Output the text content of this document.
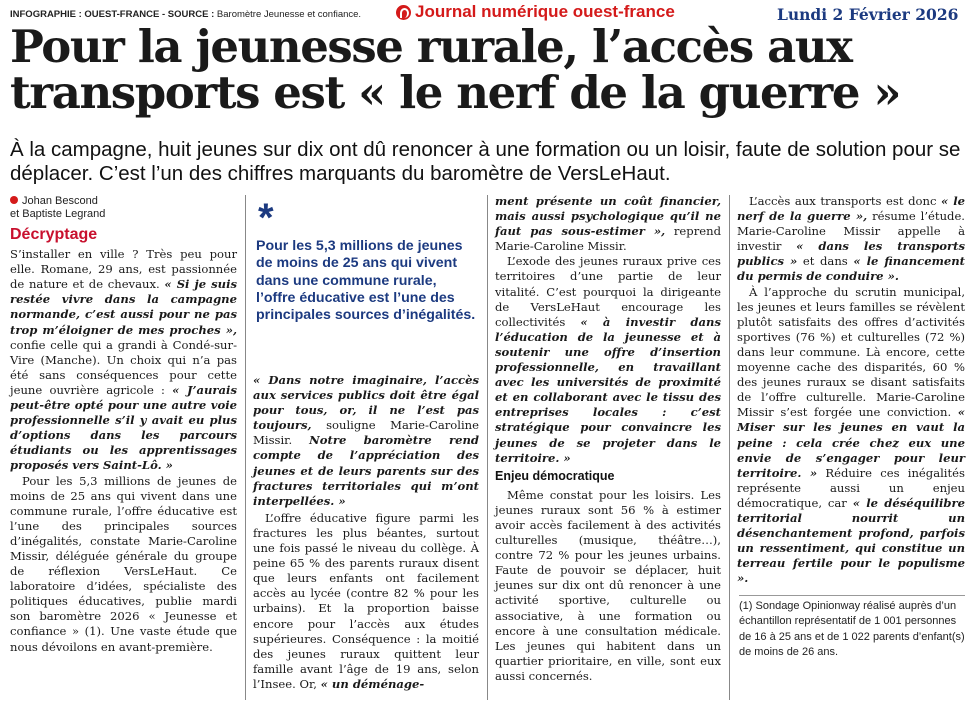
INFOGRAPHIE : OUEST-FRANCE - SOURCE : Baromètre Jeunesse et confiance.	Journal numérique ouest-france	Lundi 2 Février 2026
Pour la jeunesse rurale, l’accès aux
transports est « le nerf de la guerre »
À la campagne, huit jeunes sur dix ont dû renoncer à une formation ou un loisir, faute de solution pour se déplacer. C’est l’un des chiffres marquants du baromètre de VersLeHaut.
Johan Bescond
et Baptiste Legrand
Décryptage

S’installer en ville ? Très peu pour elle. Romane, 29 ans, est passionnée de nature et de chevaux. « Si je suis restée vivre dans la campagne normande, c’est aussi pour ne pas trop m’éloigner de mes proches », confie celle qui a grandi à Condé-sur-Vire (Manche). Un choix qui n’a pas été sans conséquences pour cette jeune ouvrière agricole : « J’aurais peut-être opté pour une autre voie professionnelle s’il y avait eu plus d’options dans les parcours étudiants ou les apprentissages proposés vers Saint-Lô. »

Pour les 5,3 millions de jeunes de moins de 25 ans qui vivent dans une commune rurale, l’offre éducative est l’une des principales sources d’inégalités, constate Marie-Caroline Missir, déléguée générale du groupe de réflexion VersLeHaut. Ce laboratoire d’idées, spécialiste des politiques éducatives, publie mardi son baromètre 2026 « Jeunesse et confiance » (1). Une vaste étude que nous dévoilons en avant-première.

*
Pour les 5,3 millions de jeunes de moins de 25 ans qui vivent dans une commune rurale, l’offre éducative est l’une des principales sources d’inégalités.

« Dans notre imaginaire, l’accès aux services publics doit être égal pour tous, or, il ne l’est pas toujours, souligne Marie-Caroline Missir. Notre baromètre rend compte de l’appréciation des jeunes et de leurs parents sur des fractures territoriales qui m’ont interpellées. »

L’offre éducative figure parmi les fractures les plus béantes, surtout une fois passé le niveau du collège. À peine 65 % des parents ruraux disent que leurs enfants ont facilement accès au lycée (contre 82 % pour les urbains). Et la proportion baisse encore pour l’accès aux études supérieures. Conséquence : la moitié des jeunes ruraux quittent leur famille avant l’âge de 19 ans, selon l’Insee. Or, « un déménage-

ment présente un coût financier, mais aussi psychologique qu’il ne faut pas sous-estimer », reprend Marie-Caroline Missir.

L’exode des jeunes ruraux prive ces territoires d’une partie de leur vitalité. C’est pourquoi la dirigeante de VersLeHaut encourage les collectivités « à investir dans l’éducation de la jeunesse et à soutenir une offre d’insertion professionnelle, en travaillant avec les universités de proximité et en collaborant avec le tissu des entreprises locales : c’est stratégique pour convaincre les jeunes de se projeter dans le territoire. »

Enjeu démocratique

Même constat pour les loisirs. Les jeunes ruraux sont 56 % à estimer avoir accès facilement à des activités culturelles (musique, théâtre…), contre 72 % pour les jeunes urbains. Faute de pouvoir se déplacer, huit jeunes sur dix ont dû renoncer à une activité sportive, culturelle ou associative, à une formation ou encore à une consultation médicale. Les jeunes qui habitent dans un quartier prioritaire, en ville, sont eux aussi concernés.

L’accès aux transports est donc « le nerf de la guerre », résume l’étude. Marie-Caroline Missir appelle à investir « dans les transports publics » et dans « le financement du permis de conduire ».

À l’approche du scrutin municipal, les jeunes et leurs familles se révèlent plutôt satisfaits des offres d’activités sportives (76 %) et culturelles (72 %) dans leur commune. Là encore, cette moyenne cache des disparités, 60 % des jeunes ruraux se disant satisfaits de l’offre culturelle. Marie-Caroline Missir s’est forgée une conviction. « Miser sur les jeunes en vaut la peine : cela crée chez eux une envie de s’engager pour leur territoire. » Réduire ces inégalités représente aussi un enjeu démocratique, car « le déséquilibre territorial nourrit un désenchantement profond, parfois un ressentiment, qui constitue un terreau fertile pour le populisme ».

(1) Sondage Opinionway réalisé auprès d’un échantillon représentatif de 1 001 personnes de 16 à 25 ans et de 1 022 parents d’enfant(s) de moins de 26 ans.
